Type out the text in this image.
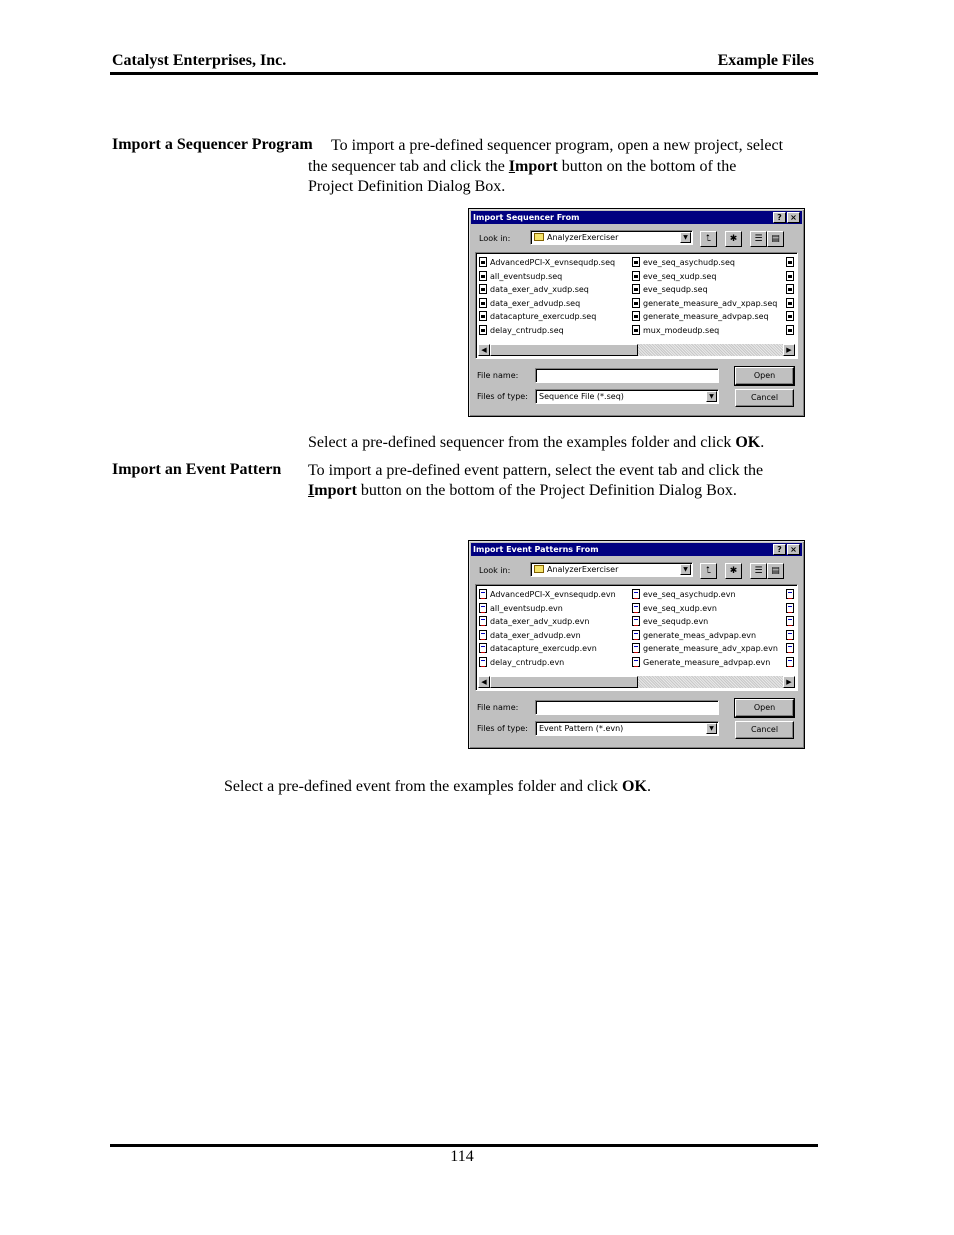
Catalyst Enterprises, Inc.	Example Files
Import a Sequencer Program To import a pre-defined sequencer program, open a new project, select
the sequencer tab and click the Import button on the bottom of the
Project Definition Dialog Box.
Import Sequencer From	?	×
Look in:	AnalyzerExerciser	▼	⮤	✱	☰ ▤
AdvancedPCI-X_evnsequdp.seq
all_eventsudp.seq
data_exer_adv_xudp.seq
data_exer_advudp.seq
datacapture_exercudp.seq
delay_cntrudp.seq
eve_seq_asychudp.seq
eve_seq_xudp.seq
eve_sequdp.seq
generate_measure_adv_xpap.seq
generate_measure_advpap.seq
mux_modeudp.seq
◀	▶
File name:	Open
Files of type:	Sequence File (*.seq)	▼	Cancel
Select a pre-defined sequencer from the examples folder and click OK.
Import an Event Pattern To import a pre-defined event pattern, select the event tab and click the
Import button on the bottom of the Project Definition Dialog Box.
Import Event Patterns From	?	×
Look in:	AnalyzerExerciser	▼	⮤	✱	☰ ▤
AdvancedPCI-X_evnsequdp.evn
all_eventsudp.evn
data_exer_adv_xudp.evn
data_exer_advudp.evn
datacapture_exercudp.evn
delay_cntrudp.evn
eve_seq_asychudp.evn
eve_seq_xudp.evn
eve_sequdp.evn
generate_meas_advpap.evn
generate_measure_adv_xpap.evn
Generate_measure_advpap.evn
◀	▶
File name:	Open
Files of type:	Event Pattern (*.evn)	▼	Cancel
Select a pre-defined event from the examples folder and click OK.
114
